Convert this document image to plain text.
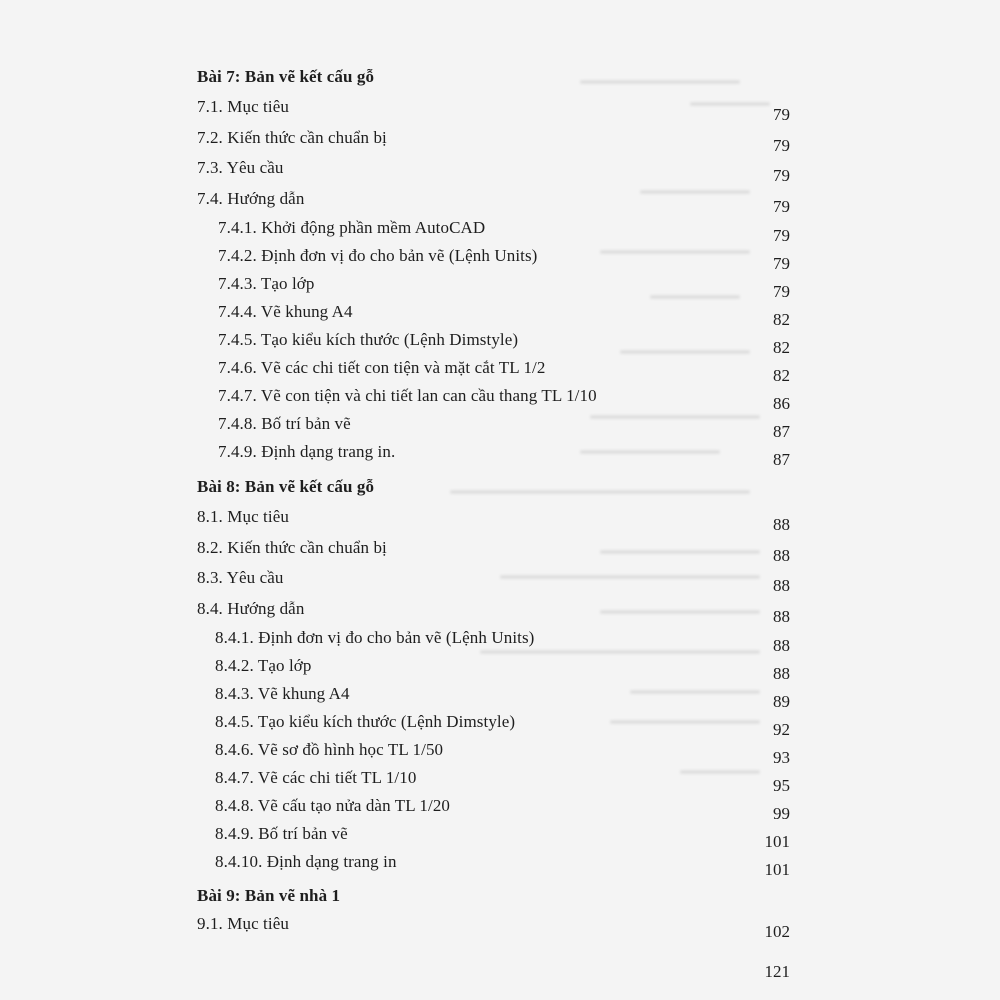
Bài 7: Bản vẽ kết cấu gỗ
7.1. Mục tiêu	79
7.2. Kiến thức cần chuẩn bị	79
7.3. Yêu cầu	79
7.4. Hướng dẫn	79
7.4.1. Khởi động phần mềm AutoCAD	79
7.4.2. Định đơn vị đo cho bản vẽ (Lệnh Units)	79
7.4.3. Tạo lớp	79
7.4.4. Vẽ khung A4	82
7.4.5. Tạo kiểu kích thước (Lệnh Dimstyle)	82
7.4.6. Vẽ các chi tiết con tiện và mặt cắt TL 1/2	82
7.4.7. Vẽ con tiện và chi tiết lan can cầu thang TL 1/10	86
7.4.8. Bố trí bản vẽ	87
7.4.9. Định dạng trang in.	87
Bài 8: Bản vẽ kết cấu gỗ
8.1. Mục tiêu	88
8.2. Kiến thức cần chuẩn bị	88
8.3. Yêu cầu	88
8.4. Hướng dẫn	88
8.4.1. Định đơn vị đo cho bản vẽ (Lệnh Units)	88
8.4.2. Tạo lớp	88
8.4.3. Vẽ khung A4	89
8.4.5. Tạo kiểu kích thước (Lệnh Dimstyle)	92
8.4.6. Vẽ sơ đồ hình học TL 1/50	93
8.4.7. Vẽ các chi tiết TL 1/10	95
8.4.8. Vẽ cấu tạo nửa dàn TL 1/20	99
8.4.9. Bố trí bản vẽ	101
8.4.10. Định dạng trang in	101
Bài 9: Bản vẽ nhà 1
9.1. Mục tiêu	102
121
